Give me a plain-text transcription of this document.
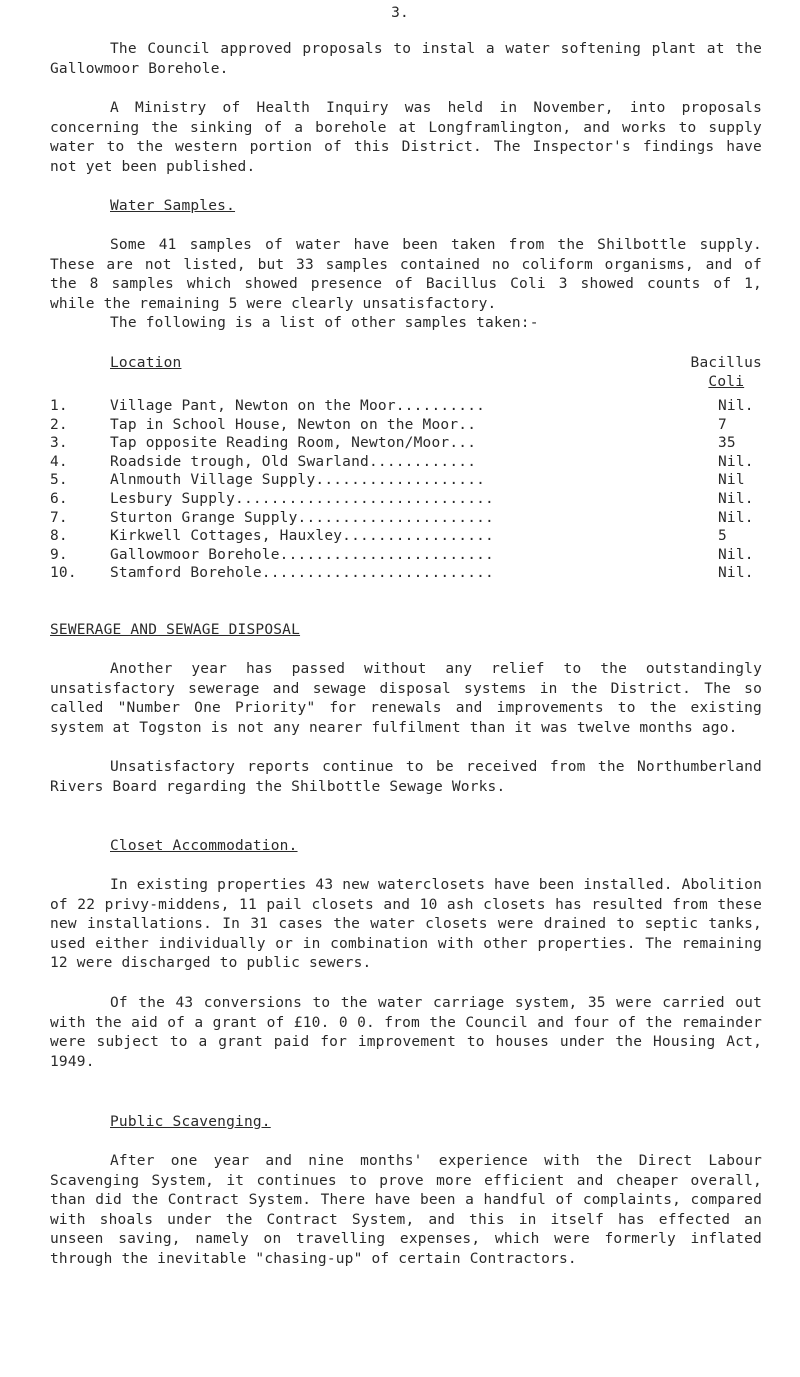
3.

The Council approved proposals to instal a water softening plant at the Gallowmoor Borehole.

A Ministry of Health Inquiry was held in November, into proposals concerning the sinking of a borehole at Longframlington, and works to supply water to the western portion of this District. The Inspector's findings have not yet been published.

Water Samples.

Some 41 samples of water have been taken from the Shilbottle supply. These are not listed, but 33 samples contained no coliform organisms, and of the 8 samples which showed presence of Bacillus Coli 3 showed counts of 1, while the remaining 5 were clearly unsatisfactory.

The following is a list of other samples taken:-

Location	Bacillus
Coli
1.	Village Pant, Newton on the Moor..........	Nil.
2.	Tap in School House, Newton on the Moor..	7
3.	Tap opposite Reading Room, Newton/Moor...	35
4.	Roadside trough, Old Swarland............	Nil.
5.	Alnmouth Village Supply...................	Nil
6.	Lesbury Supply.............................	Nil.
7.	Sturton Grange Supply......................	Nil.
8.	Kirkwell Cottages, Hauxley.................	5
9.	Gallowmoor Borehole........................	Nil.
10. Stamford Borehole..........................	Nil.

SEWERAGE AND SEWAGE DISPOSAL

Another year has passed without any relief to the outstandingly unsatisfactory sewerage and sewage disposal systems in the District. The so called "Number One Priority" for renewals and improvements to the existing system at Togston is not any nearer fulfilment than it was twelve months ago.

Unsatisfactory reports continue to be received from the Northumberland Rivers Board regarding the Shilbottle Sewage Works.

Closet Accommodation.

In existing properties 43 new waterclosets have been installed. Abolition of 22 privy-middens, 11 pail closets and 10 ash closets has resulted from these new installations. In 31 cases the water closets were drained to septic tanks, used either individually or in combination with other properties. The remaining 12 were discharged to public sewers.

Of the 43 conversions to the water carriage system, 35 were carried out with the aid of a grant of £10. 0 0. from the Council and four of the remainder were subject to a grant paid for improvement to houses under the Housing Act, 1949.

Public Scavenging.

After one year and nine months' experience with the Direct Labour Scavenging System, it continues to prove more efficient and cheaper overall, than did the Contract System. There have been a handful of complaints, compared with shoals under the Contract System, and this in itself has effected an unseen saving, namely on travelling expenses, which were formerly inflated through the inevitable "chasing-up" of certain Contractors.
